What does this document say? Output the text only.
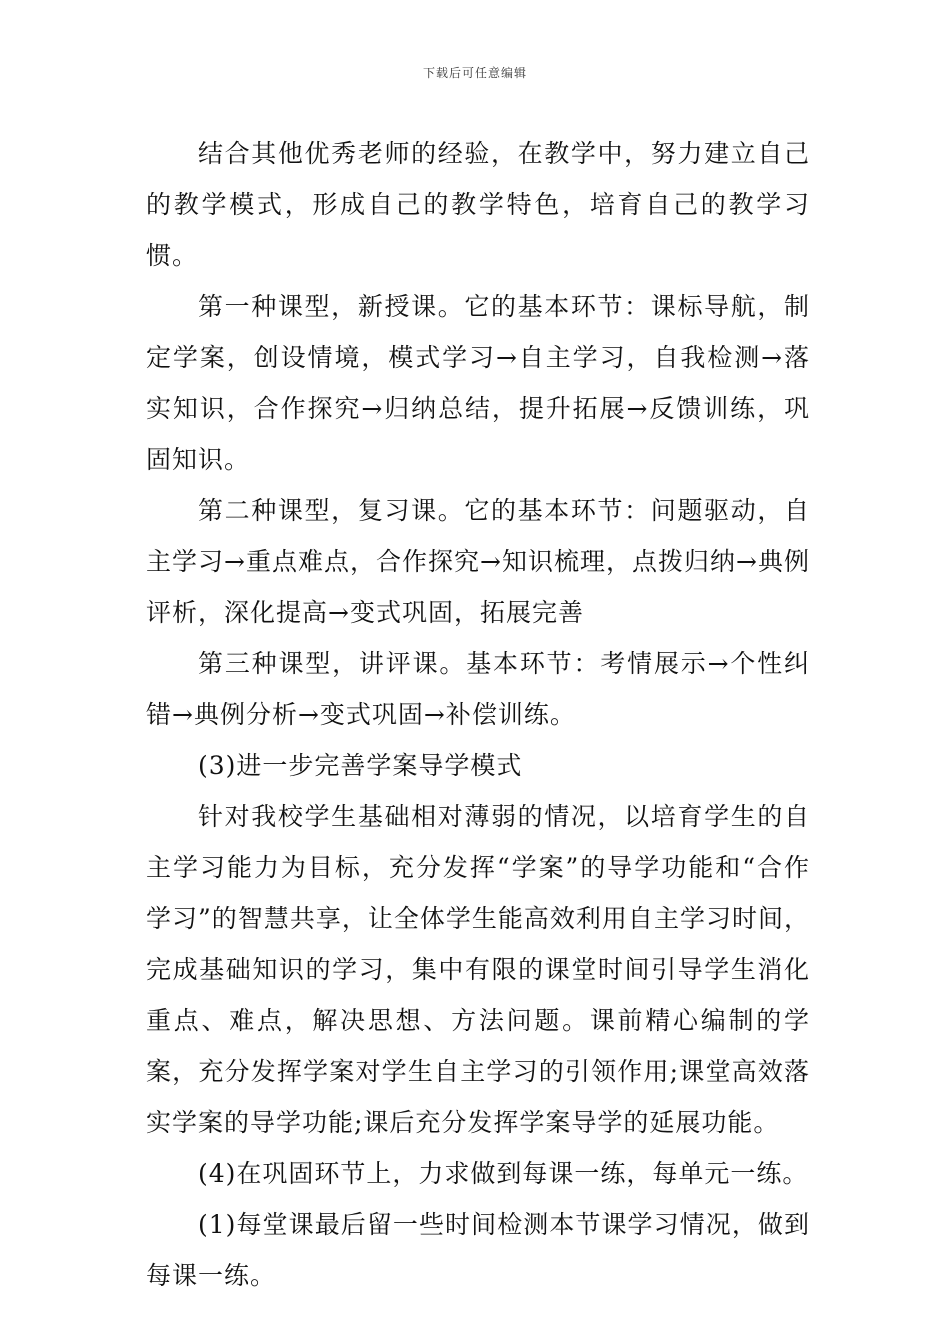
下载后可任意编辑

结合其他优秀老师的经验，在教学中，努力建立自己的教学模式，形成自己的教学特色，培育自己的教学习惯。

第一种课型，新授课。它的基本环节：课标导航，制定学案，创设情境，模式学习→自主学习，自我检测→落实知识，合作探究→归纳总结，提升拓展→反馈训练，巩固知识。

第二种课型，复习课。它的基本环节：问题驱动，自主学习→重点难点，合作探究→知识梳理，点拨归纳→典例评析，深化提高→变式巩固，拓展完善

第三种课型，讲评课。基本环节：考情展示→个性纠错→典例分析→变式巩固→补偿训练。

(3)进一步完善学案导学模式

针对我校学生基础相对薄弱的情况，以培育学生的自主学习能力为目标，充分发挥“学案”的导学功能和“合作学习”的智慧共享，让全体学生能高效利用自主学习时间，完成基础知识的学习，集中有限的课堂时间引导学生消化重点、难点，解决思想、方法问题。课前精心编制的学案，充分发挥学案对学生自主学习的引领作用;课堂高效落实学案的导学功能;课后充分发挥学案导学的延展功能。

(4)在巩固环节上，力求做到每课一练，每单元一练。

(1)每堂课最后留一些时间检测本节课学习情况，做到每课一练。
